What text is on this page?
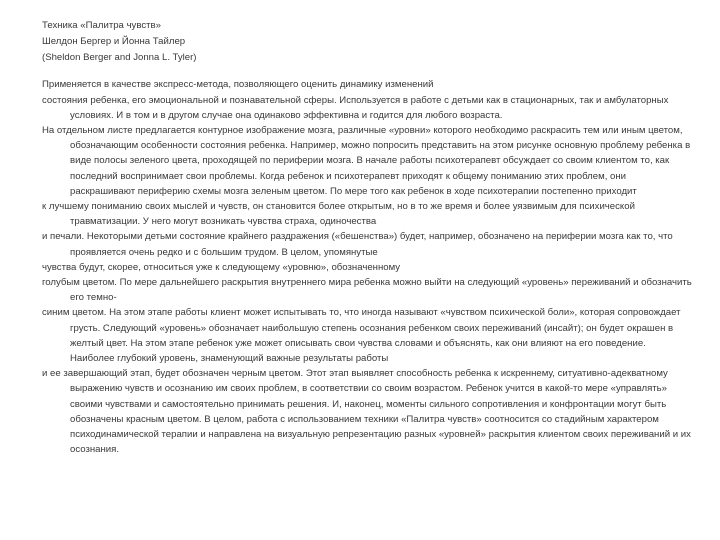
Техника «Палитра чувств»
Шелдон Бергер и Йонна Тайлер
(Sheldon Berger and Jonna L. Tyler)

Применяется в качестве экспресс-метода, позволяющего оценить динамику изменений

состояния ребенка, его эмоциональной и познавательной сферы. Используется в работе с детьми как в стационарных, так и амбулаторных условиях. И в том и в другом случае она одинаково эффективна и годится для любого возраста.

На отдельном листе предлагается контурное изображение мозга, различные «уровни» которого необходимо раскрасить тем или иным цветом, обозначающим особенности состояния ребенка. Например, можно попросить представить на этом рисунке основную проблему ребенка в виде полосы зеленого цвета, проходящей по периферии мозга. В начале работы психотерапевт обсуждает со своим клиентом то, как последний воспринимает свои проблемы. Когда ребенок и психотерапевт приходят к общему пониманию этих проблем, они раскрашивают периферию схемы мозга зеленым цветом. По мере того как ребенок в ходе психотерапии постепенно приходит

к лучшему пониманию своих мыслей и чувств, он становится более открытым, но в то же время и более уязвимым для психической травматизации. У него могут возникать чувства страха, одиночества

и печали. Некоторыми детьми состояние крайнего раздражения («бешенства») будет, например, обозначено на периферии мозга как то, что проявляется очень редко и с большим трудом. В целом, упомянутые

чувства будут, скорее, относиться уже к следующему «уровню», обозначенному

голубым цветом. По мере дальнейшего раскрытия внутреннего мира ребенка можно выйти на следующий «уровень» переживаний и обозначить его темно-

синим цветом. На этом этапе работы клиент может испытывать то, что иногда называют «чувством психической боли», которая сопровождает грусть. Следующий «уровень» обозначает наибольшую степень осознания ребенком своих переживаний (инсайт); он будет окрашен в желтый цвет. На этом этапе ребенок уже может описывать свои чувства словами и объяснять, как они влияют на его поведение. Наиболее глубокий уровень, знаменующий важные результаты работы

и ее завершающий этап, будет обозначен черным цветом. Этот этап выявляет способность ребенка к искреннему, ситуативно-адекватному выражению чувств и осознанию им своих проблем, в соответствии со своим возрастом. Ребенок учится в какой-то мере «управлять» своими чувствами и самостоятельно принимать решения. И, наконец, моменты сильного сопротивления и конфронтации могут быть обозначены красным цветом. В целом, работа с использованием техники «Палитра чувств» соотносится со стадийным характером психодинамической терапии и направлена на визуальную репрезентацию разных «уровней» раскрытия клиентом своих переживаний и их осознания.
